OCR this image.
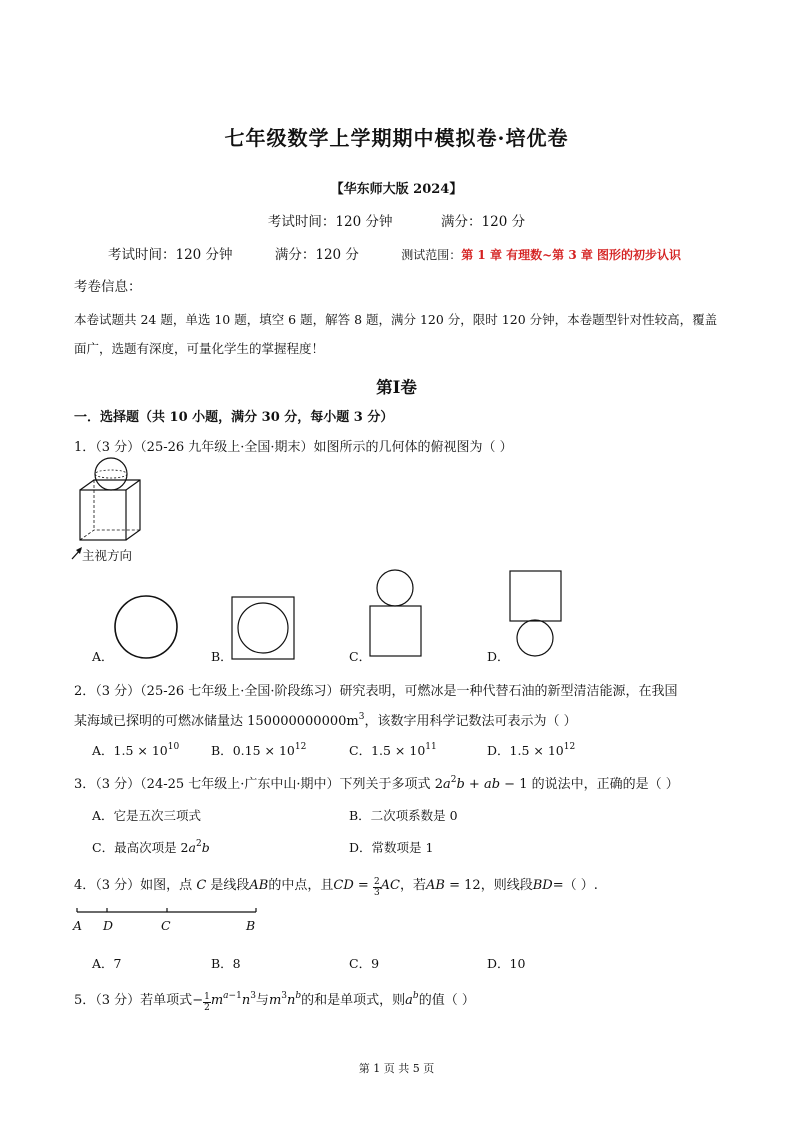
七年级数学上学期期中模拟卷·培优卷
【华东师大版 2024】
考试时间：120 分钟	满分：120 分
考试时间：120 分钟	满分：120 分	测试范围：第 1 章 有理数~第 3 章 图形的初步认识
考卷信息：
本卷试题共 24 题，单选 10 题，填空 6 题，解答 8 题，满分 120 分，限时 120 分钟，本卷题型针对性较高，覆盖面广，选题有深度，可量化学生的掌握程度！
第Ⅰ卷
一．选择题（共 10 小题，满分 30 分，每小题 3 分）
1．（3 分）（25-26 九年级上·全国·期末）如图所示的几何体的俯视图为（ ）
主视方向
A．	B．	C．	D．
2．（3 分）（25-26 七年级上·全国·阶段练习）研究表明，可燃冰是一种代替石油的新型清洁能源，在我国
某海域已探明的可燃冰储量达 $150000000000m^3$，该数字用科学记数法可表示为（ ）
A．$1.5 \times 10^{10}$	B．$0.15 \times 10^{12}$	C．$1.5 \times 10^{11}$	D．$1.5 \times 10^{12}$
3．（3 分）（24-25 七年级上·广东中山·期中）下列关于多项式 $2a^2b$ + ab − 1 的说法中，正确的是（ ）
A．它是五次三项式	B．二次项系数是 0
C．最高次项是 $2a^2b$	D．常数项是 1
4．（3 分）如图，点 C 是线段AB的中点，且CD = $\frac{2}{3}$ AC，若AB = 12，则线段BD=（ ）.
A D	C	B
A．7	B．8	C．9	D．10
5．（3 分）若单项式− $\frac{1}{2} m^{a-1}n^3$与$m^3n^b$的和是单项式，则$a^b$的值（ ）
第 1 页 共 5 页
